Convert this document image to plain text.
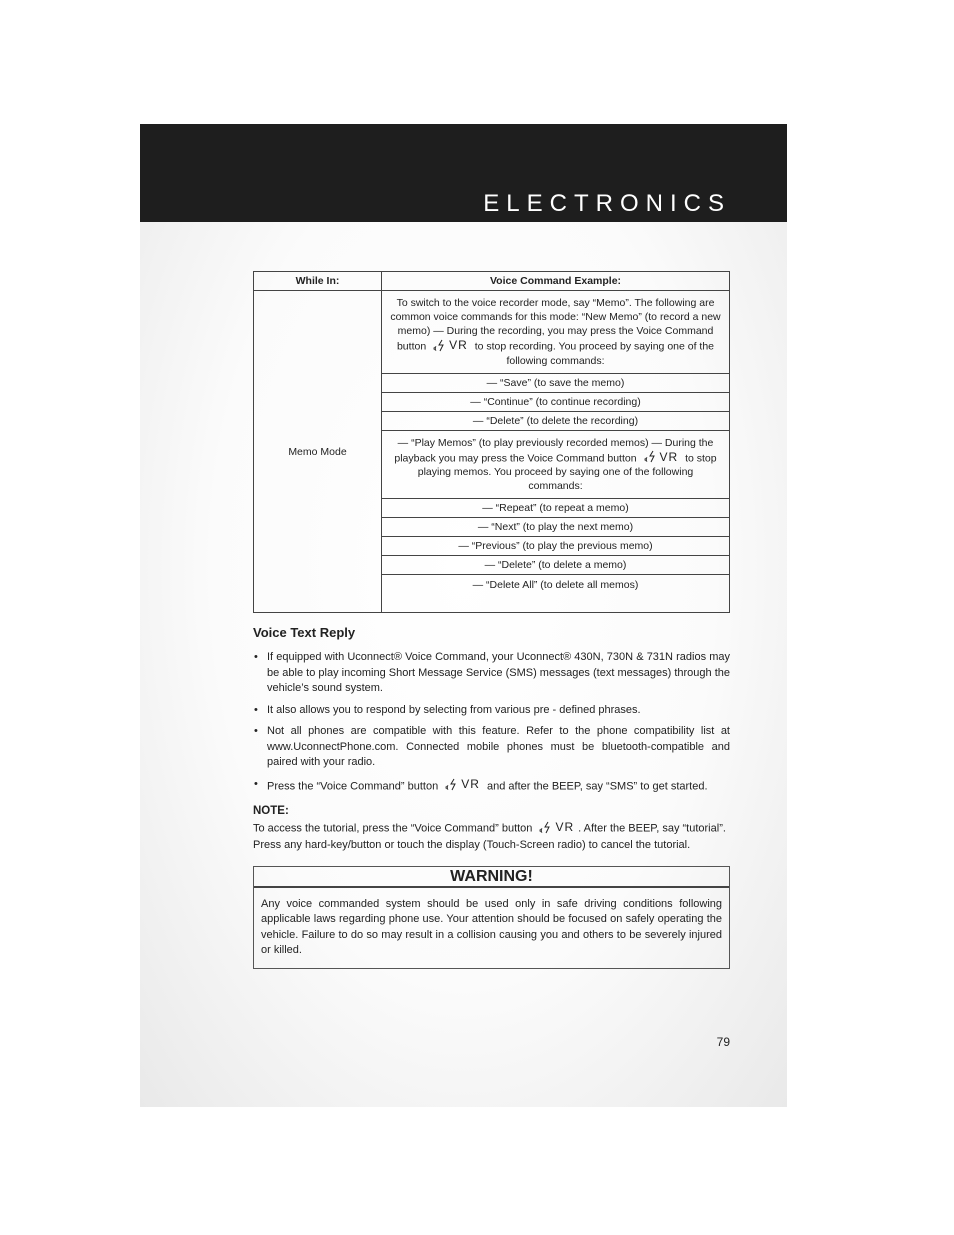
ELECTRONICS
While In:	Voice Command Example:
Memo Mode	To switch to the voice recorder mode, say “Memo”. The following are common voice commands for this mode: “New Memo” (to record a new memo) — During the recording, you may press the Voice Command button VR to stop recording. You proceed by saying one of the following commands:
	— “Save” (to save the memo)
	— “Continue” (to continue recording)
	— “Delete” (to delete the recording)
	— “Play Memos” (to play previously recorded memos) — During the playback you may press the Voice Command button VR to stop playing memos. You proceed by saying one of the following commands:
	— “Repeat” (to repeat a memo)
	— “Next” (to play the next memo)
	— “Previous” (to play the previous memo)
	— “Delete” (to delete a memo)
	— “Delete All” (to delete all memos)
Voice Text Reply
• If equipped with Uconnect® Voice Command, your Uconnect® 430N, 730N & 731N radios may be able to play incoming Short Message Service (SMS) messages (text messages) through the vehicle’s sound system.
• It also allows you to respond by selecting from various pre - defined phrases.
• Not all phones are compatible with this feature. Refer to the phone compatibility list at www.UconnectPhone.com. Connected mobile phones must be bluetooth-compatible and paired with your radio.
• Press the “Voice Command” button VR and after the BEEP, say “SMS” to get started.
NOTE:
To access the tutorial, press the “Voice Command” button VR . After the BEEP, say “tutorial”. Press any hard-key/button or touch the display (Touch-Screen radio) to cancel the tutorial.
WARNING!
Any voice commanded system should be used only in safe driving conditions following applicable laws regarding phone use. Your attention should be focused on safely operating the vehicle. Failure to do so may result in a collision causing you and others to be severely injured or killed.
79
